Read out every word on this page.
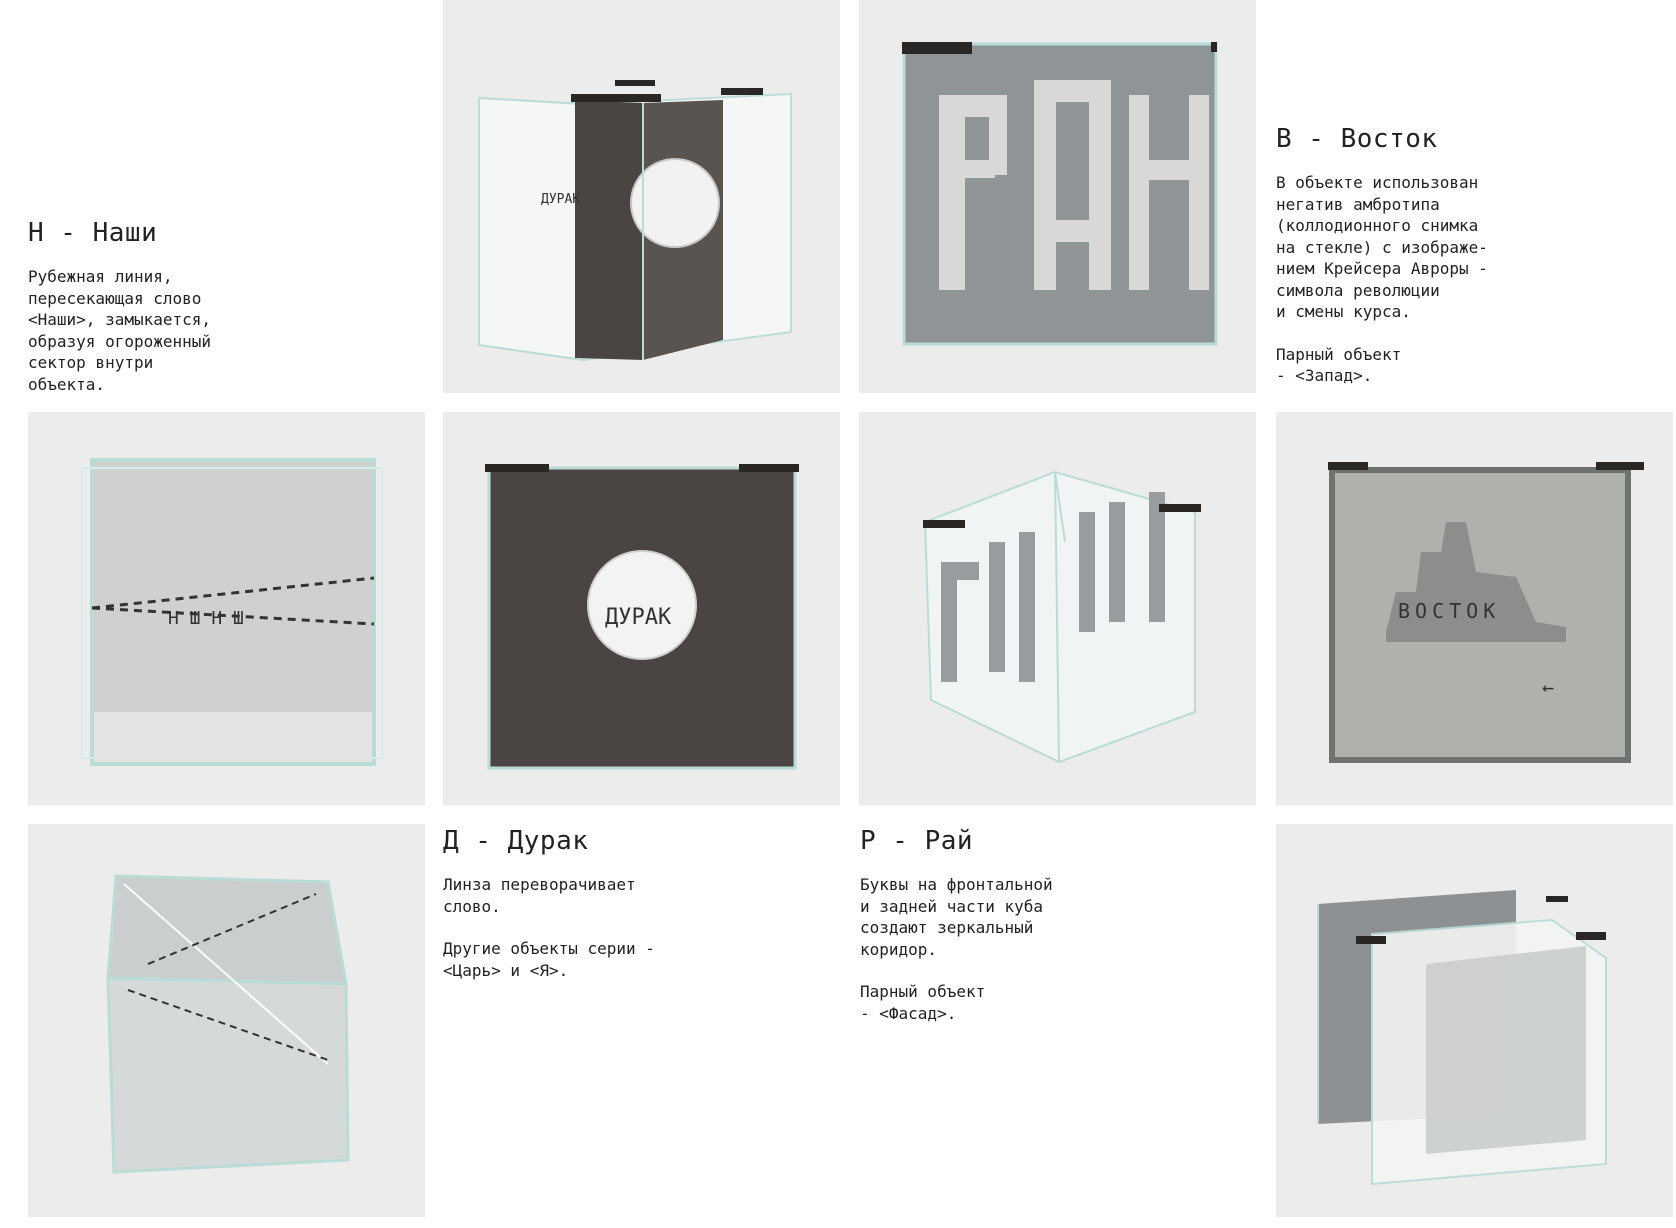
Н - Наши

Рубежная линия,
пересекающая слово
<Наши>, замыкается,
образуя огороженный
сектор внутри
объекта.

ДУРАК
РАЙ
В - Восток

В объекте использован
негатив амбротипа
(коллодионного снимка
на стекле) с изображе-
нием Крейсера Авроры -
символа революции
и смены курса.

Парный объект
- <Запад>.

Н Ш Н Ш	ДУРАК	ВОСТОК
←
Д - Дурак

Линза переворачивает
слово.

Другие объекты серии -
<Царь> и <Я>.

Р - Рай

Буквы на фронтальной
и задней части куба
создают зеркальный
коридор.

Парный объект
- <Фасад>.
